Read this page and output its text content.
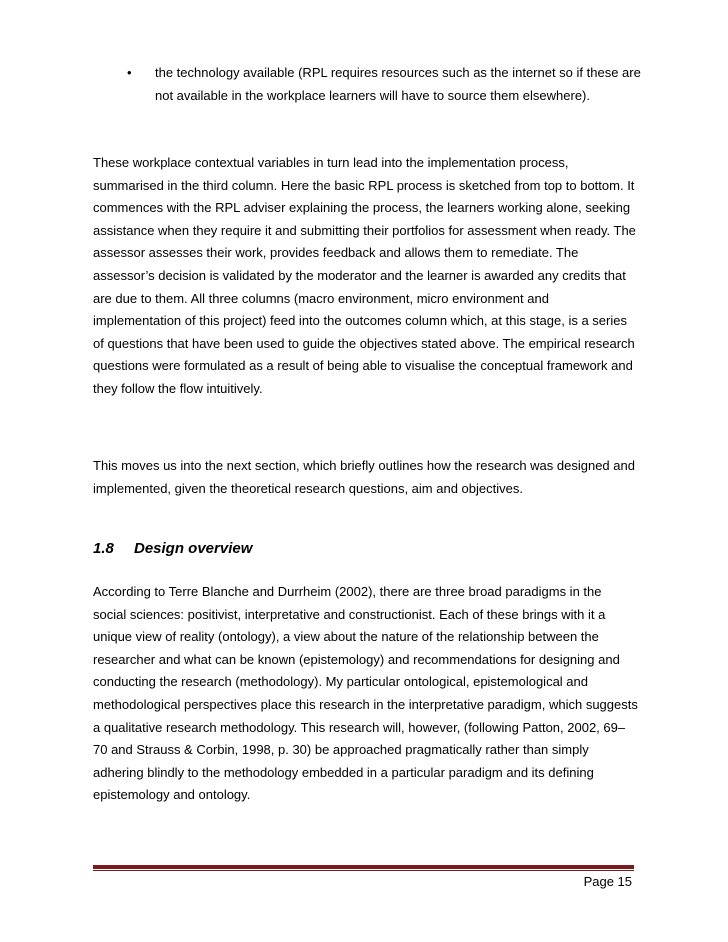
• the technology available (RPL requires resources such as the internet so if these are not available in the workplace learners will have to source them elsewhere).

These workplace contextual variables in turn lead into the implementation process, summarised in the third column. Here the basic RPL process is sketched from top to bottom. It commences with the RPL adviser explaining the process, the learners working alone, seeking assistance when they require it and submitting their portfolios for assessment when ready. The assessor assesses their work, provides feedback and allows them to remediate. The assessor’s decision is validated by the moderator and the learner is awarded any credits that are due to them. All three columns (macro environment, micro environment and implementation of this project) feed into the outcomes column which, at this stage, is a series of questions that have been used to guide the objectives stated above. The empirical research questions were formulated as a result of being able to visualise the conceptual framework and they follow the flow intuitively.

This moves us into the next section, which briefly outlines how the research was designed and implemented, given the theoretical research questions, aim and objectives.

1.8 Design overview

According to Terre Blanche and Durrheim (2002), there are three broad paradigms in the social sciences: positivist, interpretative and constructionist. Each of these brings with it a unique view of reality (ontology), a view about the nature of the relationship between the researcher and what can be known (epistemology) and recommendations for designing and conducting the research (methodology). My particular ontological, epistemological and methodological perspectives place this research in the interpretative paradigm, which suggests a qualitative research methodology. This research will, however, (following Patton, 2002, 69–70 and Strauss & Corbin, 1998, p. 30) be approached pragmatically rather than simply adhering blindly to the methodology embedded in a particular paradigm and its defining epistemology and ontology.

Page 15
